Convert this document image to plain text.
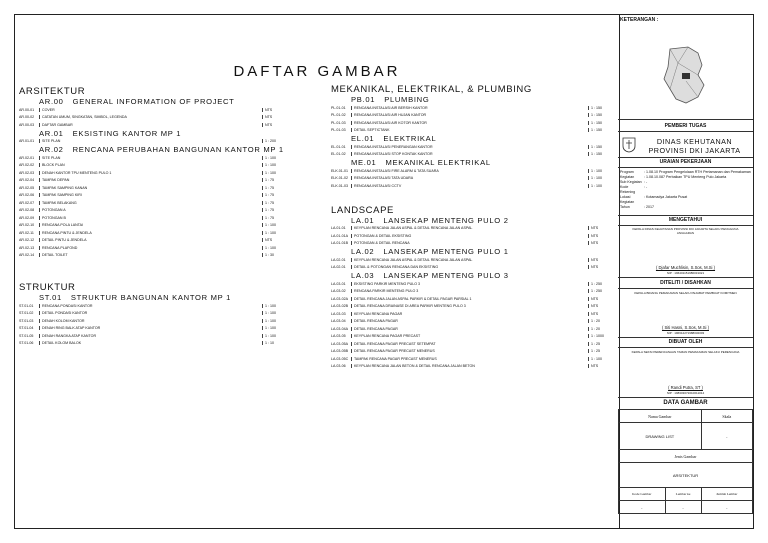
DAFTAR GAMBAR
ARSITEKTUR
AR.00 GENERAL INFORMATION OF PROJECT
AR.00-01	COVER	NTS
AR.00-02	CATATAN UMUM, SINGKATAN, SIMBOL, LEGENDA	NTS
AR.00-03	DAFTAR GAMBAR	NTS
AR.01 EKSISTING KANTOR MP 1
AR.01-01	SITE PLAN	1 : 200
AR.02 RENCANA PERUBAHAN BANGUNAN KANTOR MP 1
AR.02-01	SITE PLAN	1 : 100
AR.02-02	BLOCK PLAN	1 : 100
AR.02-03	DENAH KANTOR TPU MENTENG PULO 1	1 : 100
AR.02-04	TAMPAK DEPAN	1 : 75
AR.02-05	TAMPAK SAMPING KANAN	1 : 75
AR.02-06	TAMPAK SAMPING KIRI	1 : 75
AR.02-07	TAMPAK BELAKANG	1 : 75
AR.02-08	POTONGAN A	1 : 75
AR.02-09	POTONGAN B	1 : 75
AR.02-10	RENCANA POLA LANTAI	1 : 100
AR.02-11	RENCANA PINTU & JENDELA	1 : 100
AR.02-12	DETAIL PINTU & JENDELA	NTS
AR.02-13	RENCANA PLAFOND	1 : 100
AR.02-14	DETAIL TOILET	1 : 30
STRUKTUR
ST.01 STRUKTUR BANGUNAN KANTOR MP 1
ST.01-01	RENCANA PONDASI KANTOR	1 : 100
ST.01-02	DETAIL PONDASI KANTOR	1 : 100
ST.01-03	DENAH KOLOM KANTOR	1 : 100
ST.01-04	DENAH RING BALK ATAP KANTOR	1 : 100
ST.01-05	DENAH RANGKA ATAP KANTOR	1 : 100
ST.01-06	DETAIL KOLOM BALOK	1 : 10
MEKANIKAL, ELEKTRIKAL, & PLUMBING
PB.01 PLUMBING
PL.01-01	RENCANA INSTALASI AIR BERSIH KANTOR	1 : 150
PL.01-02	RENCANA INSTALASI AIR HUJAN KANTOR	1 : 150
PL.01-03	RENCANA INSTALASI AIR KOTOR KANTOR	1 : 150
PL.01-03	DETAIL SEPTICTANK	1 : 150
EL.01 ELEKTRIKAL
EL.01-01	RENCANA INSTALASI PENERANGAN KANTOR	1 : 150
EL.01-02	RENCANA INSTALASI STOP KONTAK KANTOR	1 : 150
ME.01 MEKANIKAL ELEKTRIKAL
ELK.01-01	RENCANA INSTALASI FIRE ALARM & TATA SUARA	1 : 100
ELK.01-02	RENCANA INSTALASI TATA UDARA	1 : 100
ELK.01-03	RENCANA INSTALASI CCTV	1 : 100
LANDSCAPE
LA.01 LANSEKAP MENTENG PULO 2
LA.01-01	KEYPLAN RENCANA JALAN ASPAL & DETAIL RENCANA JALAN ASPAL	NTS
LA.01-01A	POTONGAN & DETAIL EKSISTING	NTS
LA.01-01B	POTONGAN & DETAIL RENCANA	NTS
LA.02 LANSEKAP MENTENG PULO 1
LA.02-01	KEYPLAN RENCANA JALAN ASPAL & DETAIL RENCANA JALAN ASPAL	NTS
LA.02-01	DETAIL & POTONGAN RENCANA DAN EKSISTING	NTS
LA.03 LANSEKAP MENTENG PULO 3
LA.03-01	EKSISTING PARKIR MENTENG PULO 3	1 : 250
LA.03-02	RENCANA PARKIR MENTENG PULO 3	1 : 250
LA.03-02A	DETAIL RENCANA JALAN ASPAL PARKIR & DETAIL PAGAR PARSIAL 1	NTS
LA.03-02B	DETAIL RENCANA DRAINASE DI AREA PARKIR MENTENG PULO 3	NTS
LA.03-03	KEYPLAN RENCANA PAGAR	NTS
LA.03-04	DETAIL RENCANA PAGAR	1 : 20
LA.03-04A	DETAIL RENCANA PAGAR	1 : 20
LA.03-05	KEYPLAN RENCANA PAGAR PRECAST	1 : 1000
LA.03-05A	DETAIL RENCANA PAGAR PRECAST SETEMPAT	1 : 25
LA.03-05B	DETAIL RENCANA PAGAR PRECAST MENERUS	1 : 25
LA.03-05C	TAMPAK RENCANA PAGAR PRECAST MENERUS	1 : 100
LA.03-06	KEYPLAN RENCANA JALAN BETON & DETAIL RENCANA JALAN BETON	NTS
KETERANGAN :
PEMBERI TUGAS
DINAS KEHUTANAN
PROVINSI DKI JAKARTA
URAIAN PEKERJAAN
Program	: 1.08.10 Program Pengelolaan RTH Pertamanan dan Pemakaman
Kegiatan	: 1.08.10.087 Perbaikan TPU Menteng Pulo Jakarta
Sub Kegiatan : -
Kode Rekening
: -
Lokasi Kegiatan
: Kotamadya Jakarta Pusat
Tahun	: 2017
MENGETAHUI
KEPALA DINAS KEHUTANAN PROVINSI DKI JAKARTA SELAKU PENGGUNA ANGGARAN
( Djafar Muchlisin, S.Sos, M.Si )
NIP : 196401151986031021
DITELITI / DISAHKAN
KEPALA BIDANG PEMAKAMAN SELAKU PEJABAT PEMBUAT KOMITMEN
( Siti Hasni, S.Sos, M.Si )
NIP : 196612271988032003
DIBUAT OLEH
KEPALA SEKSI PERENCANAAN TAMAN PEMAKAMAN SELAKU PERENCANA
( Randi Putra, ST )
NIP : 198303072010011014
DATA GAMBAR
Nama Gambar		Skala
DRAWING LIST		-
Jenis Gambar		
ARSITEKTUR		
Kode Gambar	Lembar ke	Jumlah Lembar
-	-	-
